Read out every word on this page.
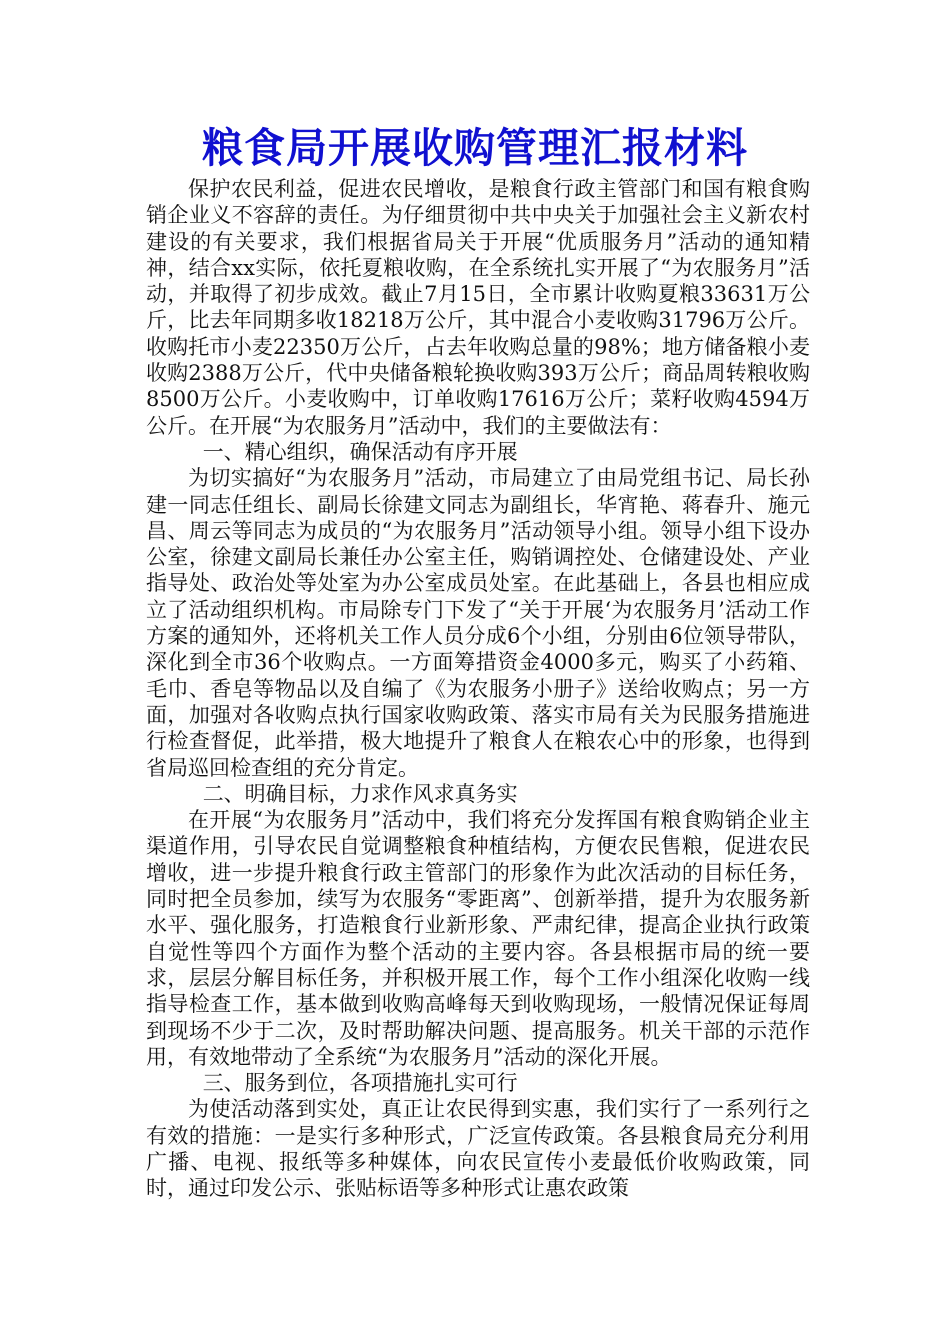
粮食局开展收购管理汇报材料

保护农民利益，促进农民增收，是粮食行政主管部门和国有粮食购销企业义不容辞的责任。为仔细贯彻中共中央关于加强社会主义新农村建设的有关要求，我们根据省局关于开展“优质服务月”活动的通知精神，结合xx实际，依托夏粮收购，在全系统扎实开展了“为农服务月”活动，并取得了初步成效。截止7月15日，全市累计收购夏粮33631万公斤，比去年同期多收18218万公斤，其中混合小麦收购31796万公斤。收购托市小麦22350万公斤，占去年收购总量的98%；地方储备粮小麦收购2388万公斤，代中央储备粮轮换收购393万公斤；商品周转粮收购8500万公斤。小麦收购中，订单收购17616万公斤；菜籽收购4594万公斤。在开展“为农服务月”活动中，我们的主要做法有：

一、精心组织，确保活动有序开展

为切实搞好“为农服务月”活动，市局建立了由局党组书记、局长孙建一同志任组长、副局长徐建文同志为副组长，华宵艳、蒋春升、施元昌、周云等同志为成员的“为农服务月”活动领导小组。领导小组下设办公室，徐建文副局长兼任办公室主任，购销调控处、仓储建设处、产业指导处、政治处等处室为办公室成员处室。在此基础上，各县也相应成立了活动组织机构。市局除专门下发了“关于开展‘为农服务月’活动工作方案的通知外，还将机关工作人员分成6个小组，分别由6位领导带队，深化到全市36个收购点。一方面筹措资金4000多元，购买了小药箱、毛巾、香皂等物品以及自编了《为农服务小册子》送给收购点；另一方面，加强对各收购点执行国家收购政策、落实市局有关为民服务措施进行检查督促，此举措，极大地提升了粮食人在粮农心中的形象，也得到省局巡回检查组的充分肯定。

二、明确目标，力求作风求真务实

在开展“为农服务月”活动中，我们将充分发挥国有粮食购销企业主渠道作用，引导农民自觉调整粮食种植结构，方便农民售粮，促进农民增收，进一步提升粮食行政主管部门的形象作为此次活动的目标任务，同时把全员参加，续写为农服务“零距离”、创新举措，提升为农服务新水平、强化服务，打造粮食行业新形象、严肃纪律，提高企业执行政策自觉性等四个方面作为整个活动的主要内容。各县根据市局的统一要求，层层分解目标任务，并积极开展工作，每个工作小组深化收购一线指导检查工作，基本做到收购高峰每天到收购现场，一般情况保证每周到现场不少于二次，及时帮助解决问题、提高服务。机关干部的示范作用，有效地带动了全系统“为农服务月”活动的深化开展。

三、服务到位，各项措施扎实可行

为使活动落到实处，真正让农民得到实惠，我们实行了一系列行之有效的措施：一是实行多种形式，广泛宣传政策。各县粮食局充分利用广播、电视、报纸等多种媒体，向农民宣传小麦最低价收购政策，同时，通过印发公示、张贴标语等多种形式让惠农政策
